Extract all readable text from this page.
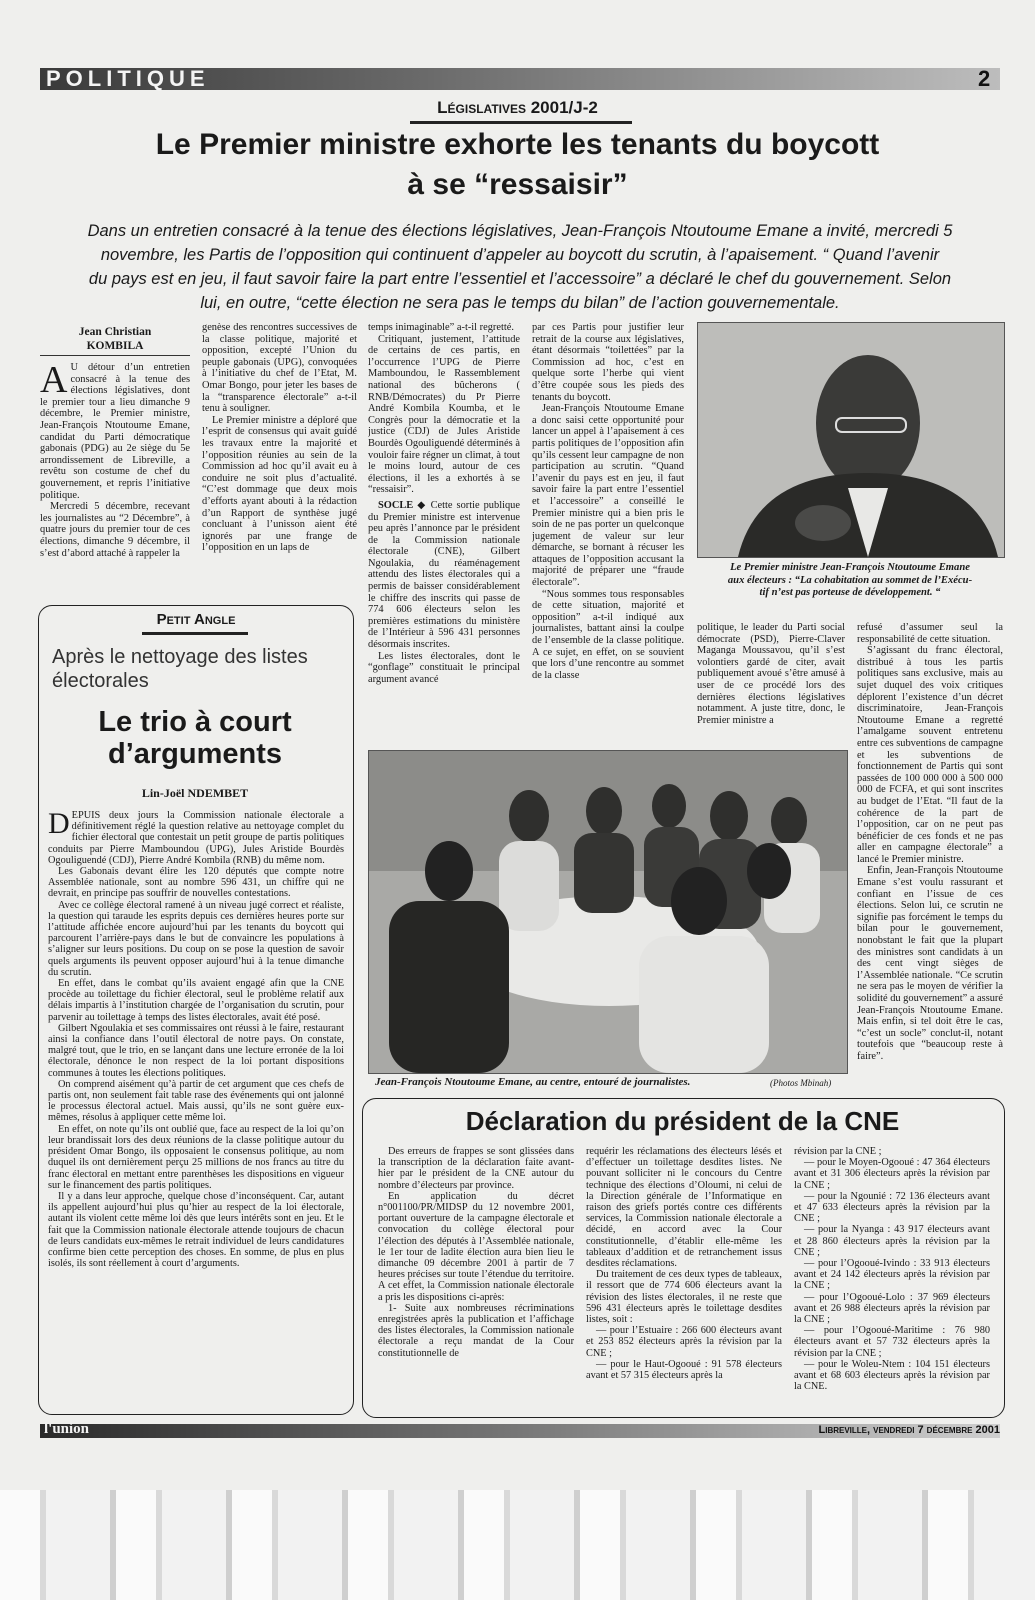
POLITIQUE	2
Législatives 2001/J-2
Le Premier ministre exhorte les tenants du boycott
à se “ressaisir”
Dans un entretien consacré à la tenue des élections législatives, Jean-François Ntoutoume Emane a invité, mercredi 5
novembre, les Partis de l’opposition qui continuent d’appeler au boycott du scrutin, à l’apaisement. “ Quand l’avenir
du pays est en jeu, il faut savoir faire la part entre l’essentiel et l’accessoire” a déclaré le chef du gouvernement. Selon
lui, en outre, “cette élection ne sera pas le temps du bilan” de l’action gouvernementale.
Jean Christian
KOMBILA
A U détour d’un entretien consacré à la tenue des élections législatives, dont le premier tour a lieu dimanche 9 décembre, le Premier ministre, Jean-François Ntoutoume Emane, candidat du Parti démocratique gabonais (PDG) au 2e siège du 5e arrondissement de Libreville, a revêtu son costume de chef du gouvernement, et repris l’initiative politique.

Mercredi 5 décembre, recevant les journalistes au “2 Décembre”, à quatre jours du premier tour de ces élections, dimanche 9 décembre, il s’est d’abord attaché à rappeler la

genèse des rencontres successives de la classe politique, majorité et opposition, excepté l’Union du peuple gabonais (UPG), convoquées à l’initiative du chef de l’Etat, M. Omar Bongo, pour jeter les bases de la “transparence électorale” a-t-il tenu à souligner.

Le Premier ministre a déploré que l’esprit de consensus qui avait guidé les travaux entre la majorité et l’opposition réunies au sein de la Commission ad hoc qu’il avait eu à conduire ne soit plus d’actualité. “C’est dommage que deux mois d’efforts ayant abouti à la rédaction d’un Rapport de synthèse jugé concluant à l’unisson aient été ignorés par une frange de l’opposition en un laps de

temps inimaginable” a-t-il regretté.

Critiquant, justement, l’attitude de certains de ces partis, en l’occurrence l’UPG de Pierre Mamboundou, le Rassemblement national des bûcherons ( RNB/Démocrates) du Pr Pierre André Kombila Koumba, et le Congrès pour la démocratie et la justice (CDJ) de Jules Aristide Bourdès Ogouliguendé déterminés à vouloir faire régner un climat, à tout le moins lourd, autour de ces élections, il les a exhortés à se “ressaisir”.

SOCLE ◆ Cette sortie publique du Premier ministre est intervenue peu après l’annonce par le président de la Commission nationale électorale (CNE), Gilbert Ngoulakia, du réaménagement attendu des listes électorales qui a permis de baisser considérablement le chiffre des inscrits qui passe de 774 606 électeurs selon les premières estimations du ministère de l’Intérieur à 596 431 personnes désormais inscrites.

Les listes électorales, dont le “gonflage” constituait le principal argument avancé

par ces Partis pour justifier leur retrait de la course aux législatives, étant désormais “toilettées” par la Commission ad hoc, c’est en quelque sorte l’herbe qui vient d’être coupée sous les pieds des tenants du boycott.

Jean-François Ntoutoume Emane a donc saisi cette opportunité pour lancer un appel à l’apaisement à ces partis politiques de l’opposition afin qu’ils cessent leur campagne de non participation au scrutin. “Quand l’avenir du pays est en jeu, il faut savoir faire la part entre l’essentiel et l’accessoire” a conseillé le Premier ministre qui a bien pris le soin de ne pas porter un quelconque jugement de valeur sur leur démarche, se bornant à récuser les attaques de l’opposition accusant la majorité de préparer une “fraude électorale”.

“Nous sommes tous responsables de cette situation, majorité et opposition” a-t-il indiqué aux journalistes, battant ainsi la coulpe de l’ensemble de la classe politique. A ce sujet, en effet, on se souvient que lors d’une rencontre au sommet de la classe

Le Premier ministre Jean-François Ntoutoume Emane
aux électeurs : “La cohabitation au sommet de l’Exécu-
tif n’est pas porteuse de développement. “

politique, le leader du Parti social démocrate (PSD), Pierre-Claver Maganga Moussavou, qu’il s’est volontiers gardé de citer, avait publiquement avoué s’être amusé à user de ce procédé lors des dernières élections législatives notamment. A juste titre, donc, le Premier ministre a

refusé d’assumer seul la responsabilité de cette situation.

S’agissant du franc électoral, distribué à tous les partis politiques sans exclusive, mais au sujet duquel des voix critiques déplorent l’existence d’un décret discriminatoire, Jean-François Ntoutoume Emane a regretté l’amalgame souvent entretenu entre ces subventions de campagne et les subventions de fonctionnement de Partis qui sont passées de 100 000 000 à 500 000 000 de FCFA, et qui sont inscrites au budget de l’Etat. “Il faut de la cohérence de la part de l’opposition, car on ne peut pas bénéficier de ces fonds et ne pas aller en campagne électorale” a lancé le Premier ministre.

Enfin, Jean-François Ntoutoume Emane s’est voulu rassurant et confiant en l’issue de ces élections. Selon lui, ce scrutin ne signifie pas forcément le temps du bilan pour le gouvernement, nonobstant le fait que la plupart des ministres sont candidats à un des cent vingt sièges de l’Assemblée nationale. “Ce scrutin ne sera pas le moyen de vérifier la solidité du gouvernement” a assuré Jean-François Ntoutoume Emane. Mais enfin, si tel doit être le cas, “c’est un socle” conclut-il, notant toutefois que “beaucoup reste à faire”.

Jean-François Ntoutoume Emane, au centre, entouré de journalistes.	(Photos Mbinah)
Petit Angle
Après le nettoyage des listes
électorales
Le trio à court
d’arguments
Lin-Joël NDEMBET
D EPUIS deux jours la Commission nationale électorale a définitivement réglé la question relative au nettoyage complet du fichier électoral que contestait un petit groupe de partis politiques conduits par Pierre Mamboundou (UPG), Jules Aristide Bourdès Ogouliguendé (CDJ), Pierre André Kombila (RNB) du même nom.

Les Gabonais devant élire les 120 députés que compte notre Assemblée nationale, sont au nombre 596 431, un chiffre qui ne devrait, en principe pas souffrir de nouvelles contestations.

Avec ce collège électoral ramené à un niveau jugé correct et réaliste, la question qui taraude les esprits depuis ces dernières heures porte sur l’attitude affichée encore aujourd’hui par les tenants du boycott qui parcourent l’arrière-pays dans le but de convaincre les populations à s’aligner sur leurs positions. Du coup on se pose la question de savoir quels arguments ils peuvent opposer aujourd’hui à la tenue dimanche du scrutin.

En effet, dans le combat qu’ils avaient engagé afin que la CNE procède au toilettage du fichier électoral, seul le problème relatif aux délais impartis à l’institution chargée de l’organisation du scrutin, pour parvenir au toilettage à temps des listes électorales, avait été posé.

Gilbert Ngoulakia et ses commissaires ont réussi à le faire, restaurant ainsi la confiance dans l’outil électoral de notre pays. On constate, malgré tout, que le trio, en se lançant dans une lecture erronée de la loi électorale, dénonce le non respect de la loi portant dispositions communes à toutes les élections politiques.

On comprend aisément qu’à partir de cet argument que ces chefs de partis ont, non seulement fait table rase des événements qui ont jalonné le processus électoral actuel. Mais aussi, qu’ils ne sont guère eux-mêmes, résolus à appliquer cette même loi.

En effet, on note qu’ils ont oublié que, face au respect de la loi qu’on leur brandissait lors des deux réunions de la classe politique autour du président Omar Bongo, ils opposaient le consensus politique, au nom duquel ils ont dernièrement perçu 25 millions de nos francs au titre du franc électoral en mettant entre parenthèses les dispositions en vigueur sur le financement des partis politiques.

Il y a dans leur approche, quelque chose d’inconséquent. Car, autant ils appellent aujourd’hui plus qu’hier au respect de la loi électorale, autant ils violent cette même loi dès que leurs intérêts sont en jeu. Et le fait que la Commission nationale électorale attende toujours de chacun de leurs candidats eux-mêmes le retrait individuel de leurs candidatures confirme bien cette perception des choses. En somme, de plus en plus isolés, ils sont réellement à court d’arguments.

Déclaration du président de la CNE

Des erreurs de frappes se sont glissées dans la transcription de la déclaration faite avant-hier par le président de la CNE autour du nombre d’électeurs par province.

En application du décret n°001100/PR/MIDSP du 12 novembre 2001, portant ouverture de la campagne électorale et convocation du collège électoral pour l’élection des députés à l’Assemblée nationale, le 1er tour de ladite élection aura bien lieu le dimanche 09 décembre 2001 à partir de 7 heures précises sur toute l’étendue du territoire. A cet effet, la Commission nationale électorale a pris les dispositions ci-après:

1- Suite aux nombreuses récriminations enregistrées après la publication et l’affichage des listes électorales, la Commission nationale électorale a reçu mandat de la Cour constitutionnelle de

requérir les réclamations des électeurs lésés et d’effectuer un toilettage desdites listes. Ne pouvant solliciter ni le concours du Centre technique des élections d’Oloumi, ni celui de la Direction générale de l’Informatique en raison des griefs portés contre ces différents services, la Commission nationale électorale a décidé, en accord avec la Cour constitutionnelle, d’établir elle-même les tableaux d’addition et de retranchement issus desdites réclamations.

Du traitement de ces deux types de tableaux, il ressort que de 774 606 électeurs avant la révision des listes électorales, il ne reste que 596 431 électeurs après le toilettage desdites listes, soit :

— pour l’Estuaire : 266 600 électeurs avant et 253 852 électeurs après la révision par la CNE ;

— pour le Haut-Ogooué : 91 578 électeurs avant et 57 315 électeurs après la

révision par la CNE ;

— pour le Moyen-Ogooué : 47 364 électeurs avant et 31 306 électeurs après la révision par la CNE ;

— pour la Ngounié : 72 136 électeurs avant et 47 633 électeurs après la révision par la CNE ;

— pour la Nyanga : 43 917 électeurs avant et 28 860 électeurs après la révision par la CNE ;

— pour l’Ogooué-Ivindo : 33 913 électeurs avant et 24 142 électeurs après la révision par la CNE ;

— pour l’Ogooué-Lolo : 37 969 électeurs avant et 26 988 électeurs après la révision par la CNE ;

— pour l’Ogooué-Maritime : 76 980 électeurs avant et 57 732 électeurs après la révision par la CNE ;

— pour le Woleu-Ntem : 104 151 électeurs avant et 68 603 électeurs après la révision par la CNE.

l'union	Libreville, vendredi 7 décembre 2001
